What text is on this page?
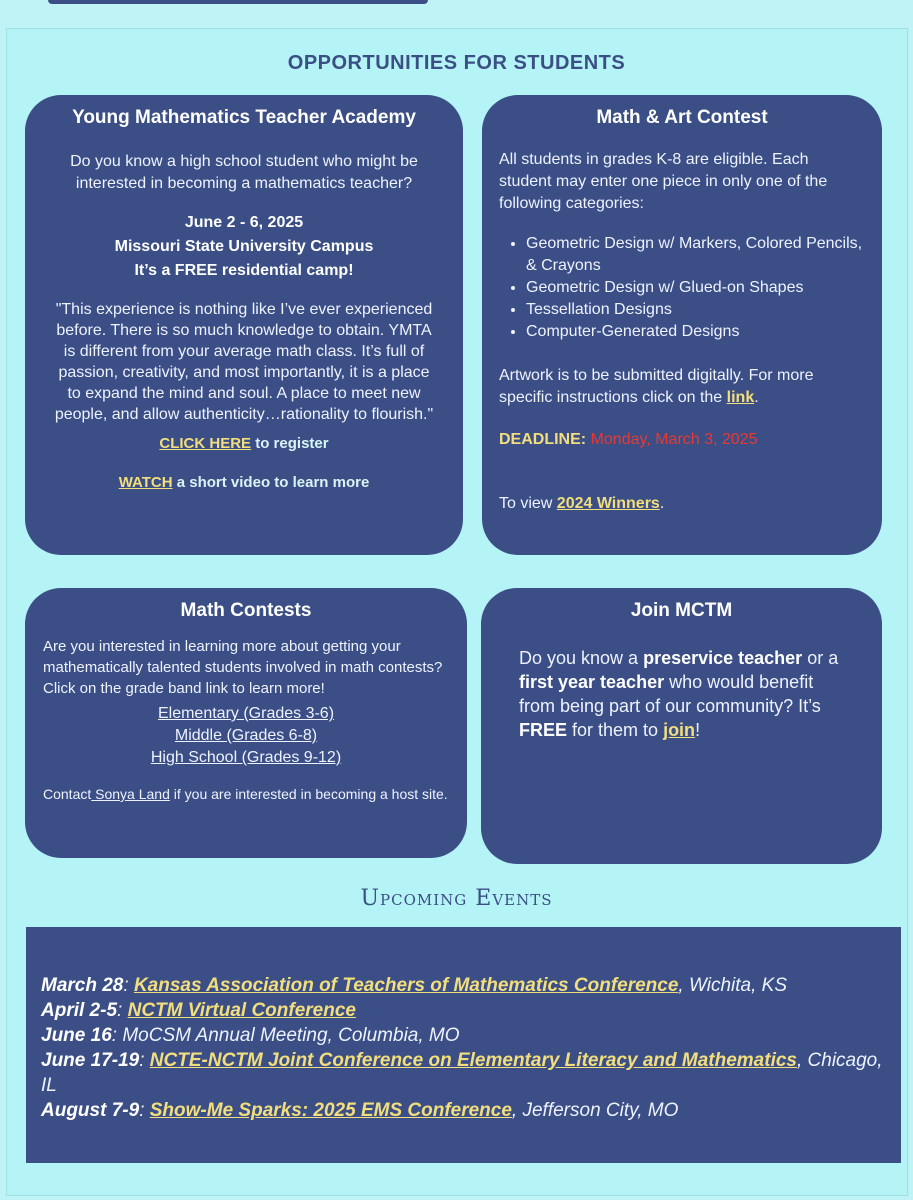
OPPORTUNITIES FOR STUDENTS
Young Mathematics Teacher Academy

Do you know a high school student who might be interested in becoming a mathematics teacher?

June 2 - 6, 2025
Missouri State University Campus
It’s a FREE residential camp!

"This experience is nothing like I’ve ever experienced before. There is so much knowledge to obtain. YMTA is different from your average math class. It’s full of passion, creativity, and most importantly, it is a place to expand the mind and soul. A place to meet new people, and allow authenticity…rationality to flourish."

CLICK HERE to register

WATCH a short video to learn more

Math & Art Contest

All students in grades K-8 are eligible. Each student may enter one piece in only one of the following categories:

• Geometric Design w/ Markers, Colored Pencils, & Crayons
• Geometric Design w/ Glued-on Shapes
• Tessellation Designs
• Computer-Generated Designs

Artwork is to be submitted digitally. For more specific instructions click on the link.

DEADLINE: Monday, March 3, 2025

To view 2024 Winners.

Math Contests

Are you interested in learning more about getting your mathematically talented students involved in math contests? Click on the grade band link to learn more!

Elementary (Grades 3-6)
Middle (Grades 6-8)
High School (Grades 9-12)

Contact Sonya Land if you are interested in becoming a host site.

Join MCTM

Do you know a preservice teacher or a first year teacher who would benefit from being part of our community? It’s FREE for them to join!

Upcoming Events

March 28: Kansas Association of Teachers of Mathematics Conference, Wichita, KS

April 2-5: NCTM Virtual Conference

June 16: MoCSM Annual Meeting, Columbia, MO

June 17-19: NCTE-NCTM Joint Conference on Elementary Literacy and Mathematics, Chicago, IL

August 7-9: Show-Me Sparks: 2025 EMS Conference, Jefferson City, MO
